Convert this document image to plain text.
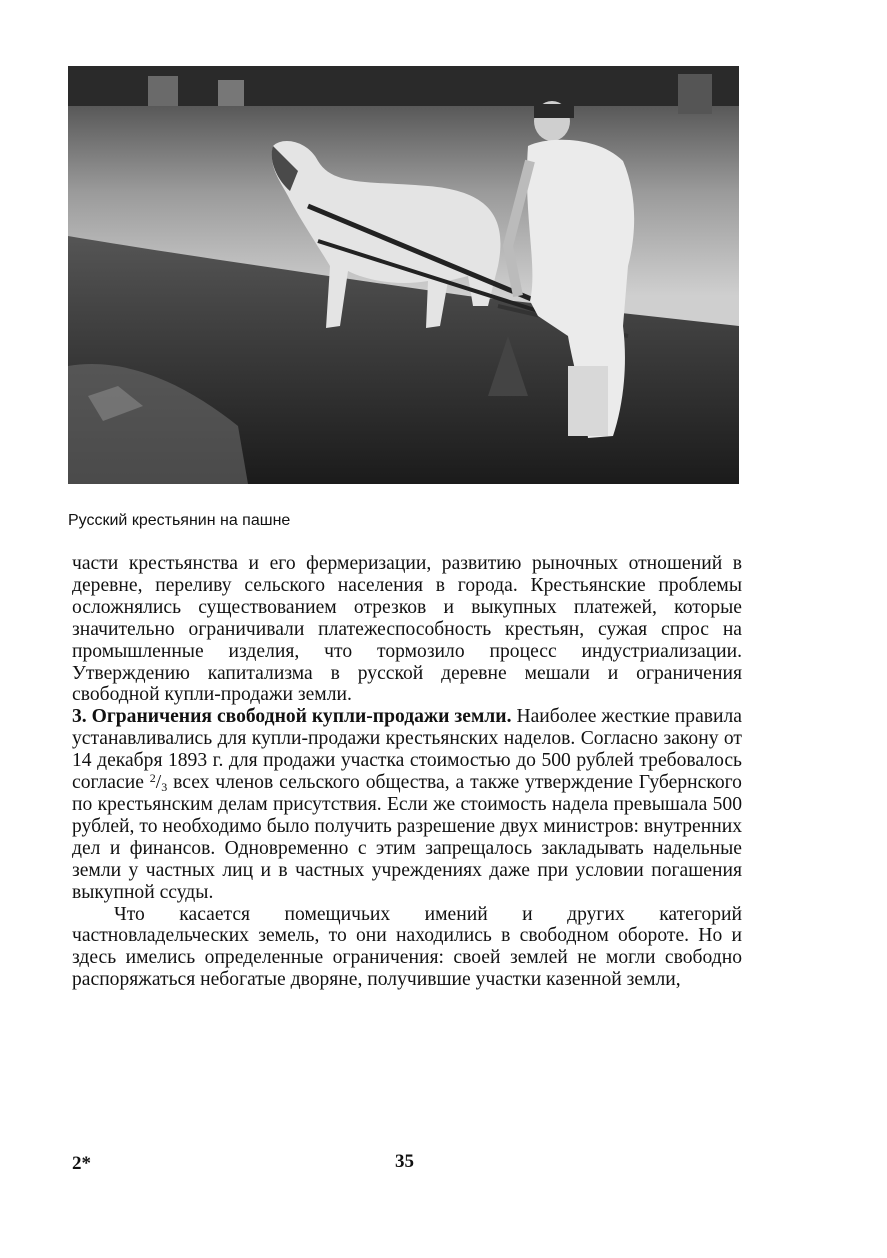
Русский крестьянин на пашне

части крестьянства и его фермеризации, развитию рыночных отношений в деревне, переливу сельского населения в города. Крестьянские проблемы осложнялись существованием отрезков и выкупных платежей, которые значительно ограничивали платежеспособность крестьян, сужая спрос на промышленные изделия, что тормозило процесс индустриализации. Утверждению капитализма в русской деревне мешали и ограничения свободной купли-продажи земли.

3. Ограничения свободной купли-продажи земли. Наиболее жесткие правила устанавливались для купли-продажи крестьянских наделов. Согласно закону от 14 декабря 1893 г. для продажи участка стоимостью до 500 рублей требовалось согласие $^2/_3$ всех членов сельского общества, а также утверждение Губернского по крестьянским делам присутствия. Если же стоимость надела превышала 500 рублей, то необходимо было получить разрешение двух министров: внутренних дел и финансов. Одновременно с этим запрещалось закладывать надельные земли у частных лиц и в частных учреждениях даже при условии погашения выкупной ссуды.

Что касается помещичьих имений и других категорий частновладельческих земель, то они находились в свободном обороте. Но и здесь имелись определенные ограничения: своей землей не могли свободно распоряжаться небогатые дворяне, получившие участки казенной земли,

2*	35
